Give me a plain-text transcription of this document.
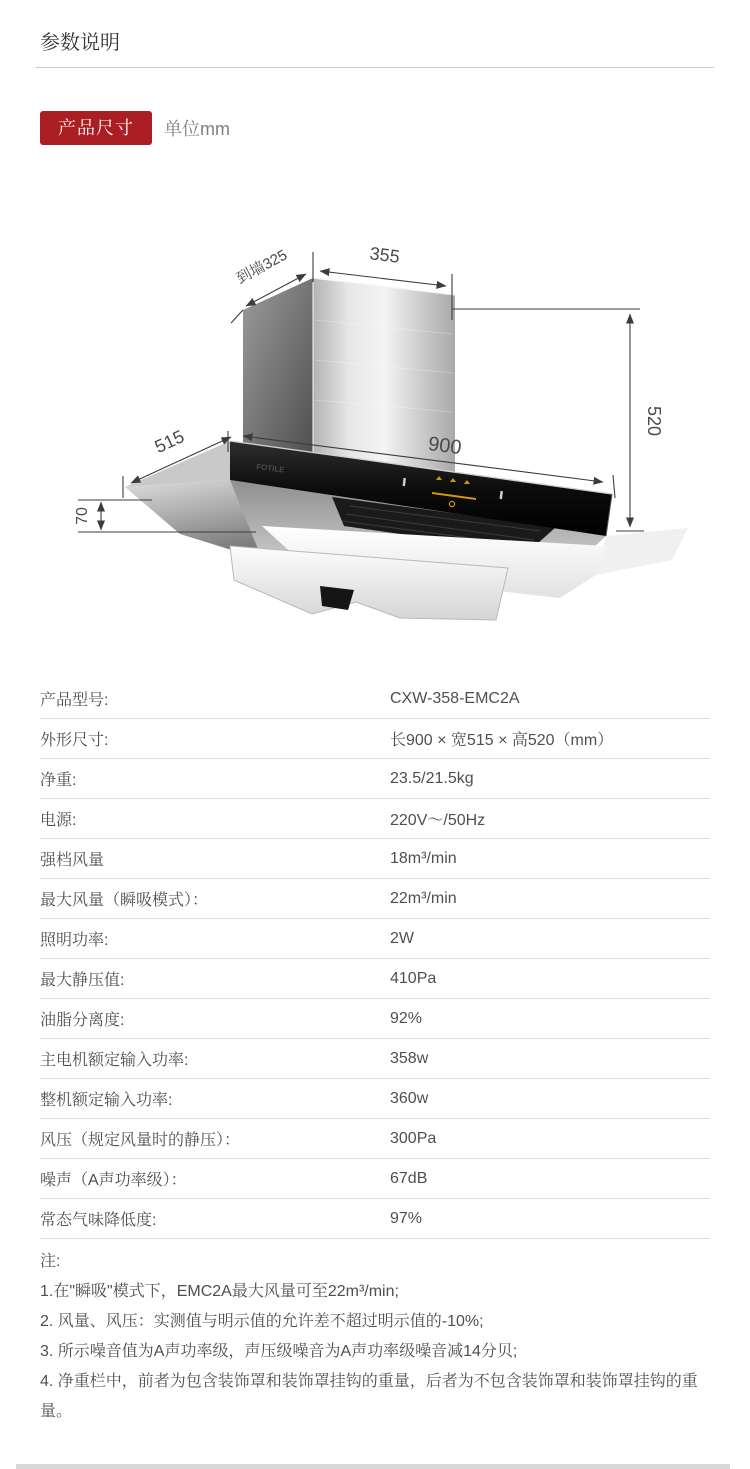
参数说明
产品尺寸	单位mm
FOTILE
到墙325	355
515	900
520
70
产品型号:	CXW-358-EMC2A
外形尺寸:	长900 × 宽515 × 高520（mm）
净重:	23.5/21.5kg
电源:	220V～/50Hz
强档风量	18m³/min
最大风量（瞬吸模式）：	22m³/min
照明功率:	2W
最大静压值:	410Pa
油脂分离度:	92%
主电机额定输入功率:	358w
整机额定输入功率:	360w
风压（规定风量时的静压）：	300Pa
噪声（A声功率级）：	67dB
常态气味降低度:	97%
注:
1.在"瞬吸"模式下，EMC2A最大风量可至22m³/min;
2. 风量、风压：实测值与明示值的允许差不超过明示值的-10%;
3. 所示噪音值为A声功率级，声压级噪音为A声功率级噪音减14分贝;
4. 净重栏中，前者为包含装饰罩和装饰罩挂钩的重量，后者为不包含装饰罩和装饰罩挂钩的重量。
